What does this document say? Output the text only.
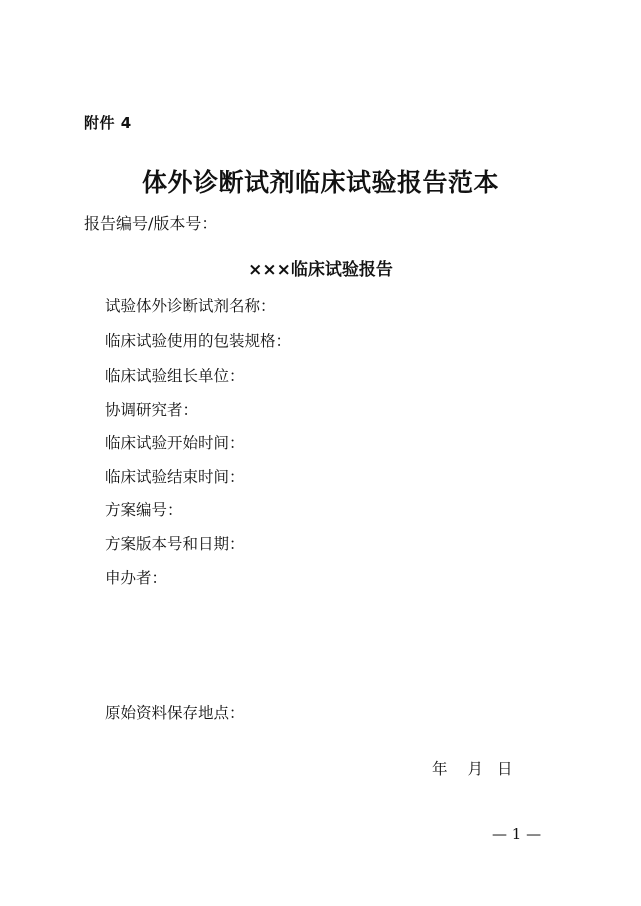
附件 4
体外诊断试剂临床试验报告范本
报告编号/版本号：
×××临床试验报告
试验体外诊断试剂名称：
临床试验使用的包装规格：
临床试验组长单位：
协调研究者：
临床试验开始时间：
临床试验结束时间：
方案编号：
方案版本号和日期：
申办者：
原始资料保存地点：
年 月 日
— 1 —
